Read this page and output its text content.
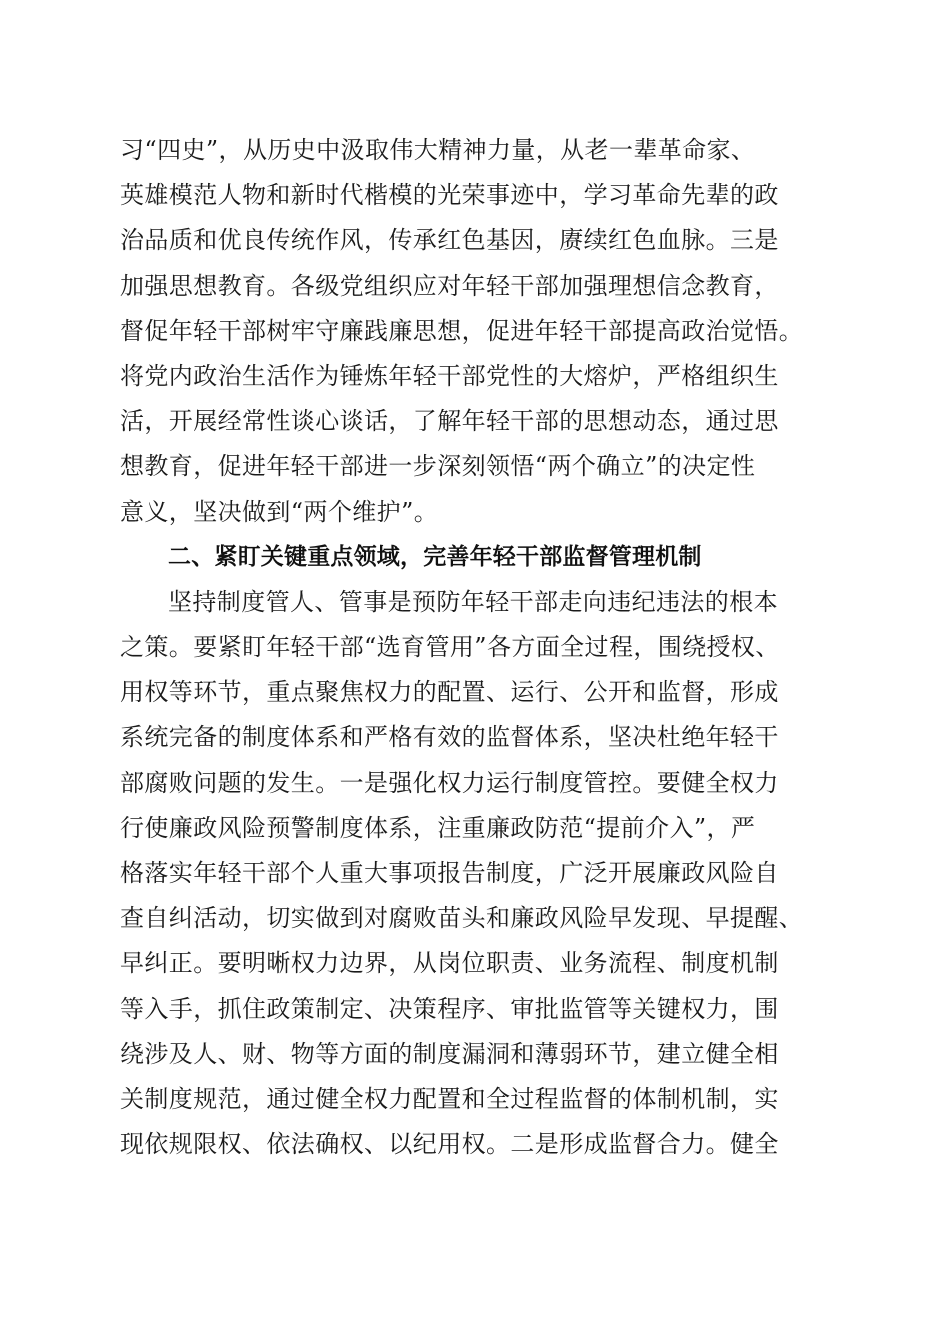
习“四史”，从历史中汲取伟大精神力量，从老一辈革命家、
英雄模范人物和新时代楷模的光荣事迹中，学习革命先辈的政
治品质和优良传统作风，传承红色基因，赓续红色血脉。三是
加强思想教育。各级党组织应对年轻干部加强理想信念教育，
督促年轻干部树牢守廉践廉思想，促进年轻干部提高政治觉悟。
将党内政治生活作为锤炼年轻干部党性的大熔炉，严格组织生
活，开展经常性谈心谈话，了解年轻干部的思想动态，通过思
想教育，促进年轻干部进一步深刻领悟“两个确立”的决定性
意义，坚决做到“两个维护”。
二、紧盯关键重点领域，完善年轻干部监督管理机制
坚持制度管人、管事是预防年轻干部走向违纪违法的根本
之策。要紧盯年轻干部“选育管用”各方面全过程，围绕授权、
用权等环节，重点聚焦权力的配置、运行、公开和监督，形成
系统完备的制度体系和严格有效的监督体系，坚决杜绝年轻干
部腐败问题的发生。一是强化权力运行制度管控。要健全权力
行使廉政风险预警制度体系，注重廉政防范“提前介入”，严
格落实年轻干部个人重大事项报告制度，广泛开展廉政风险自
查自纠活动，切实做到对腐败苗头和廉政风险早发现、早提醒、
早纠正。要明晰权力边界，从岗位职责、业务流程、制度机制
等入手，抓住政策制定、决策程序、审批监管等关键权力，围
绕涉及人、财、物等方面的制度漏洞和薄弱环节，建立健全相
关制度规范，通过健全权力配置和全过程监督的体制机制，实
现依规限权、依法确权、以纪用权。二是形成监督合力。健全
